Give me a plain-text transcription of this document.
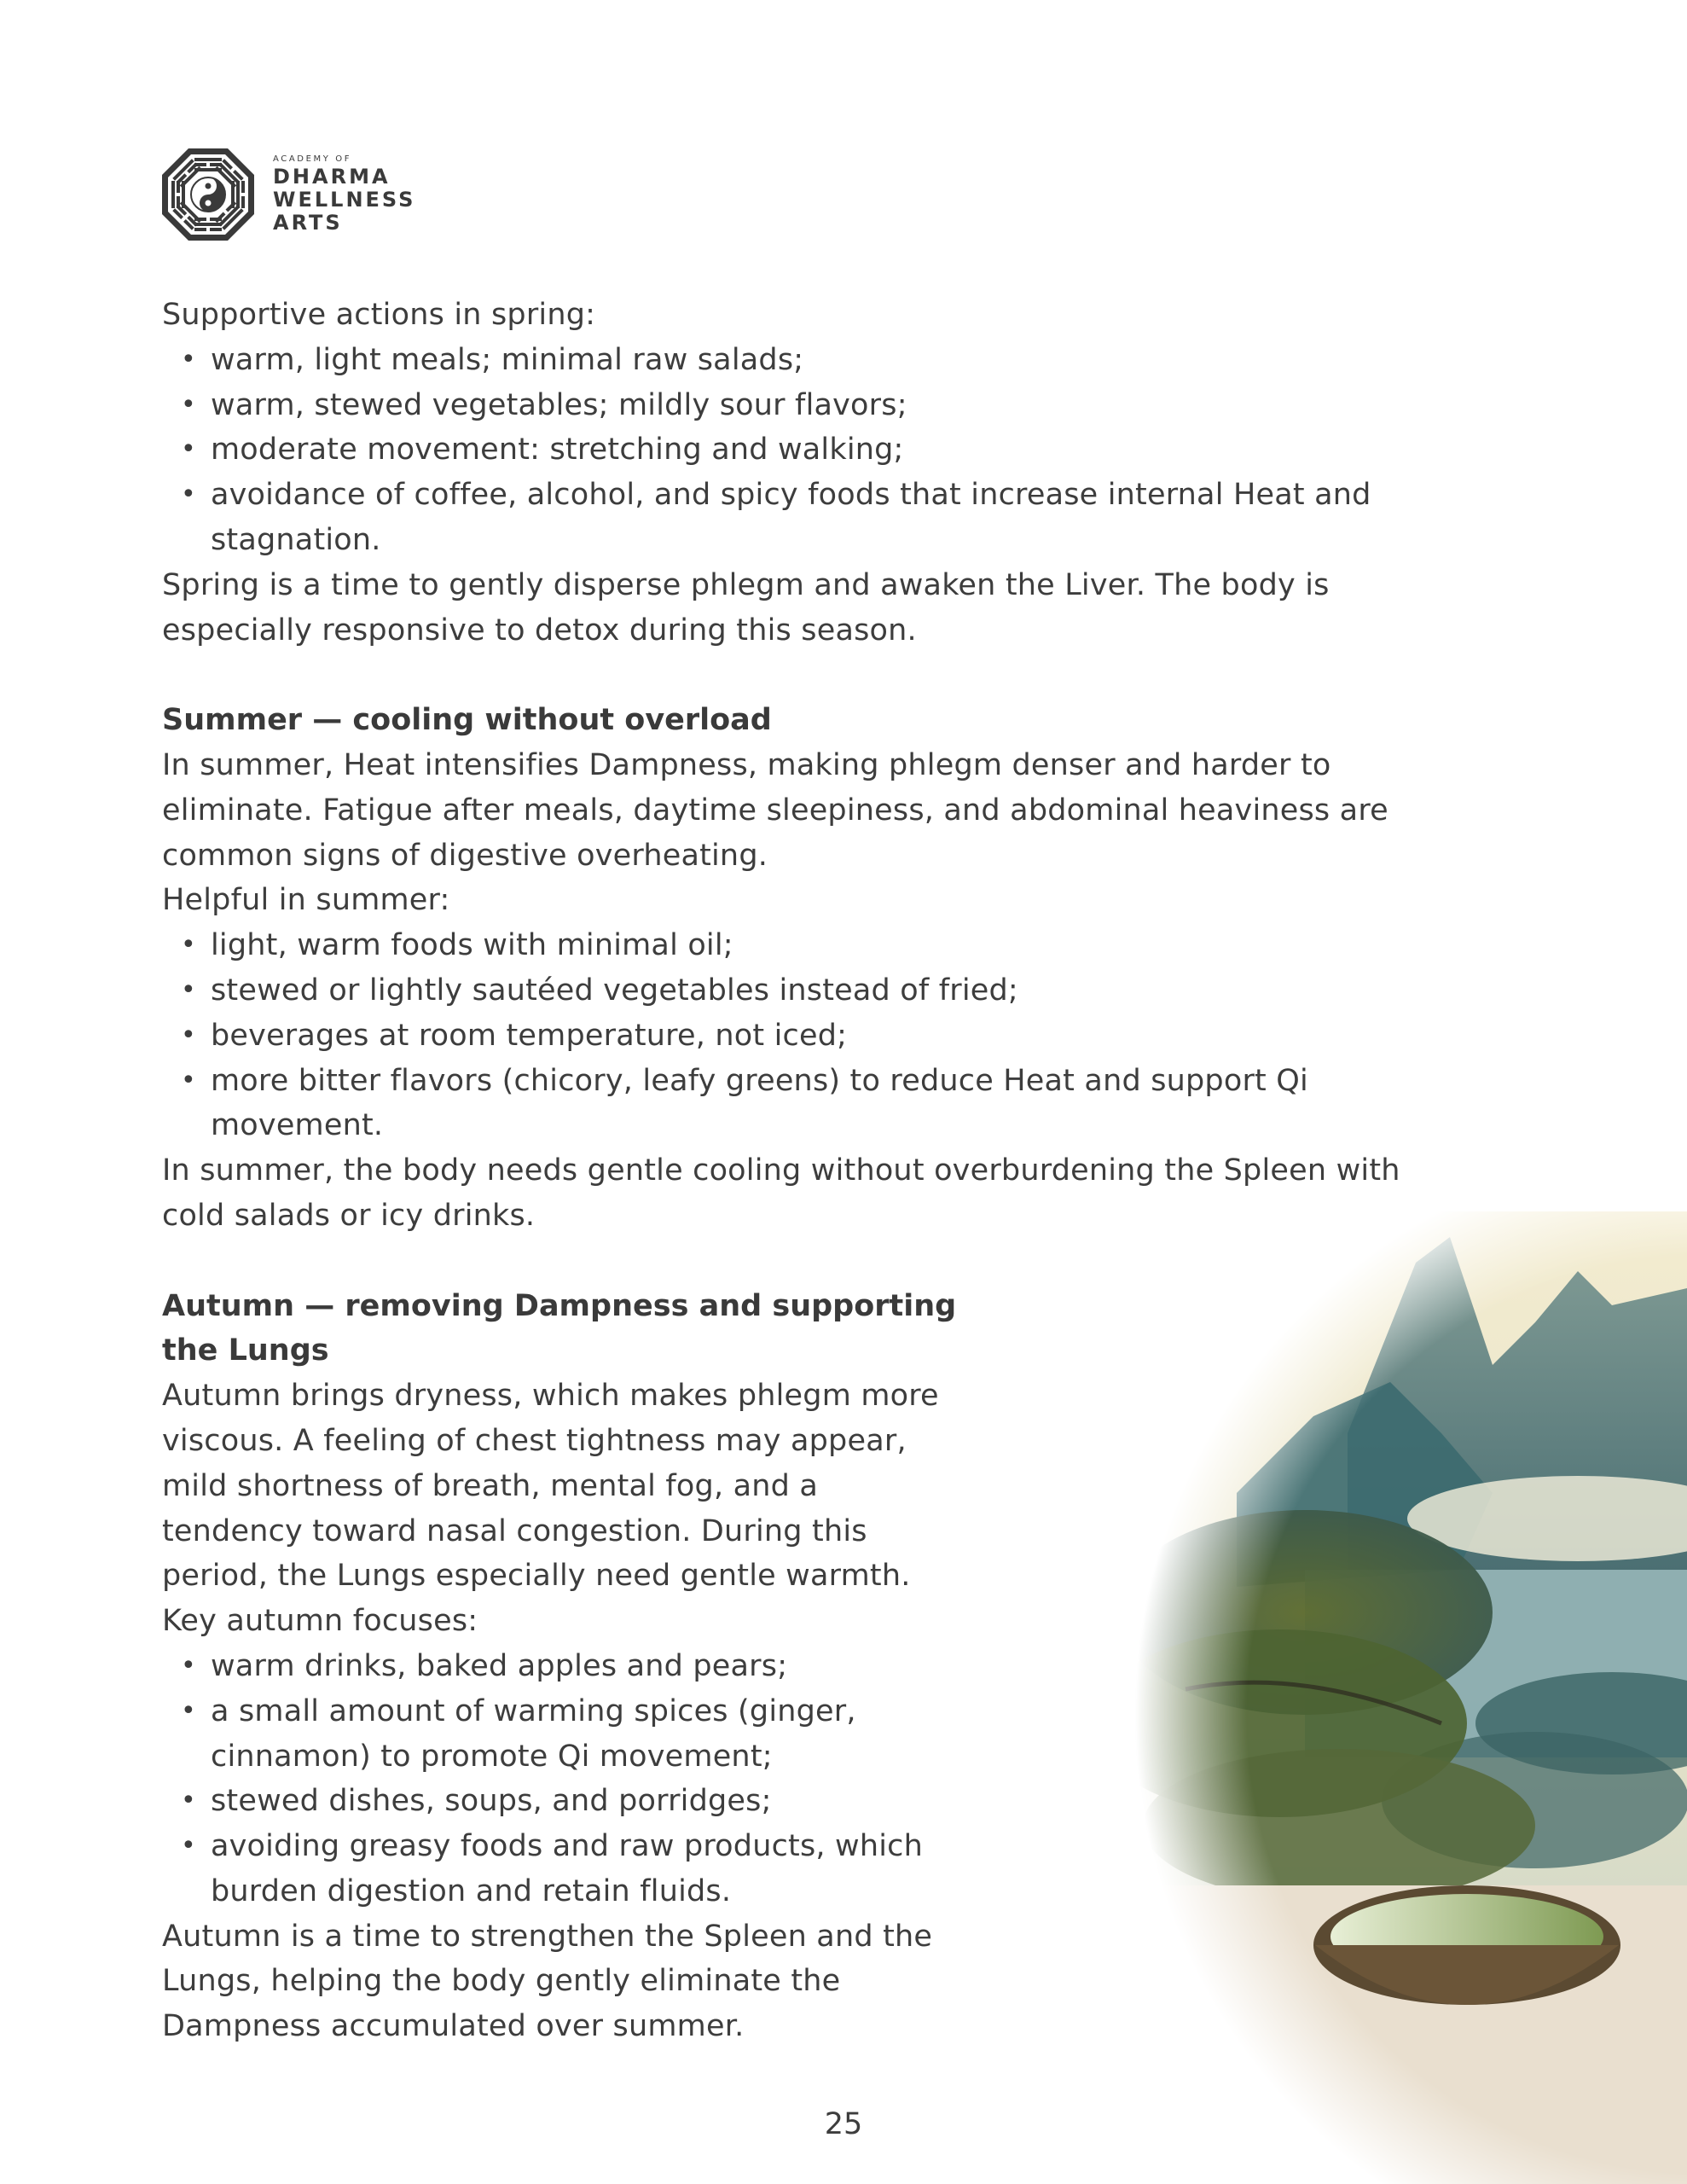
ACADEMY OF
DHARMA
WELLNESS
ARTS
Supportive actions in spring:
• warm, light meals; minimal raw salads;
• warm, stewed vegetables; mildly sour flavors;
• moderate movement: stretching and walking;
• avoidance of coffee, alcohol, and spicy foods that increase internal Heat and
stagnation.
Spring is a time to gently disperse phlegm and awaken the Liver. The body is
especially responsive to detox during this season.
Summer — cooling without overload
In summer, Heat intensifies Dampness, making phlegm denser and harder to
eliminate. Fatigue after meals, daytime sleepiness, and abdominal heaviness are
common signs of digestive overheating.
Helpful in summer:
• light, warm foods with minimal oil;
• stewed or lightly sautéed vegetables instead of fried;
• beverages at room temperature, not iced;
• more bitter flavors (chicory, leafy greens) to reduce Heat and support Qi
movement.
In summer, the body needs gentle cooling without overburdening the Spleen with
cold salads or icy drinks.
Autumn — removing Dampness and supporting
the Lungs
Autumn brings dryness, which makes phlegm more
viscous. A feeling of chest tightness may appear,
mild shortness of breath, mental fog, and a
tendency toward nasal congestion. During this
period, the Lungs especially need gentle warmth.
Key autumn focuses:
• warm drinks, baked apples and pears;
• a small amount of warming spices (ginger,
cinnamon) to promote Qi movement;
• stewed dishes, soups, and porridges;
• avoiding greasy foods and raw products, which
burden digestion and retain fluids.
Autumn is a time to strengthen the Spleen and the
Lungs, helping the body gently eliminate the
Dampness accumulated over summer.
25
